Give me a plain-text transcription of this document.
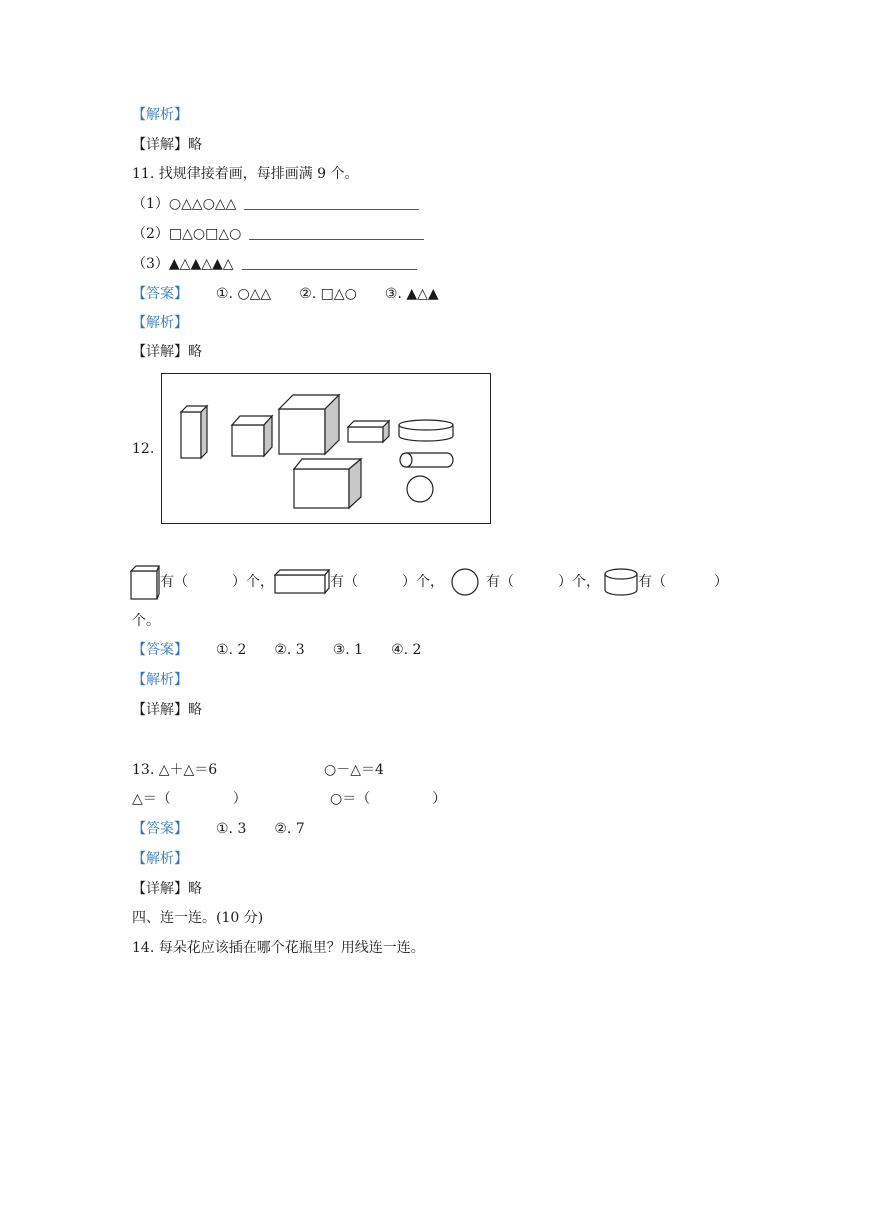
【解析】
【详解】略
11. 找规律接着画，每排画满 9 个。
（1）○△△○△△
（2）□△○□△○
（3）▲△▲△▲△
【答案】 ①. ○△△ ②. □△○ ③. ▲△▲
【解析】
【详解】略
12.
有（	）个，	有（	）个，	有（	）个，	有（	）
个。
【答案】 ①. 2 ②. 3 ③. 1 ④. 2
【解析】
【详解】略
13. △＋△＝6	○－△＝4
△＝（	）	○＝（	）
【答案】 ①. 3 ②. 7
【解析】
【详解】略
四、连一连。(10 分)
14. 每朵花应该插在哪个花瓶里？用线连一连。
